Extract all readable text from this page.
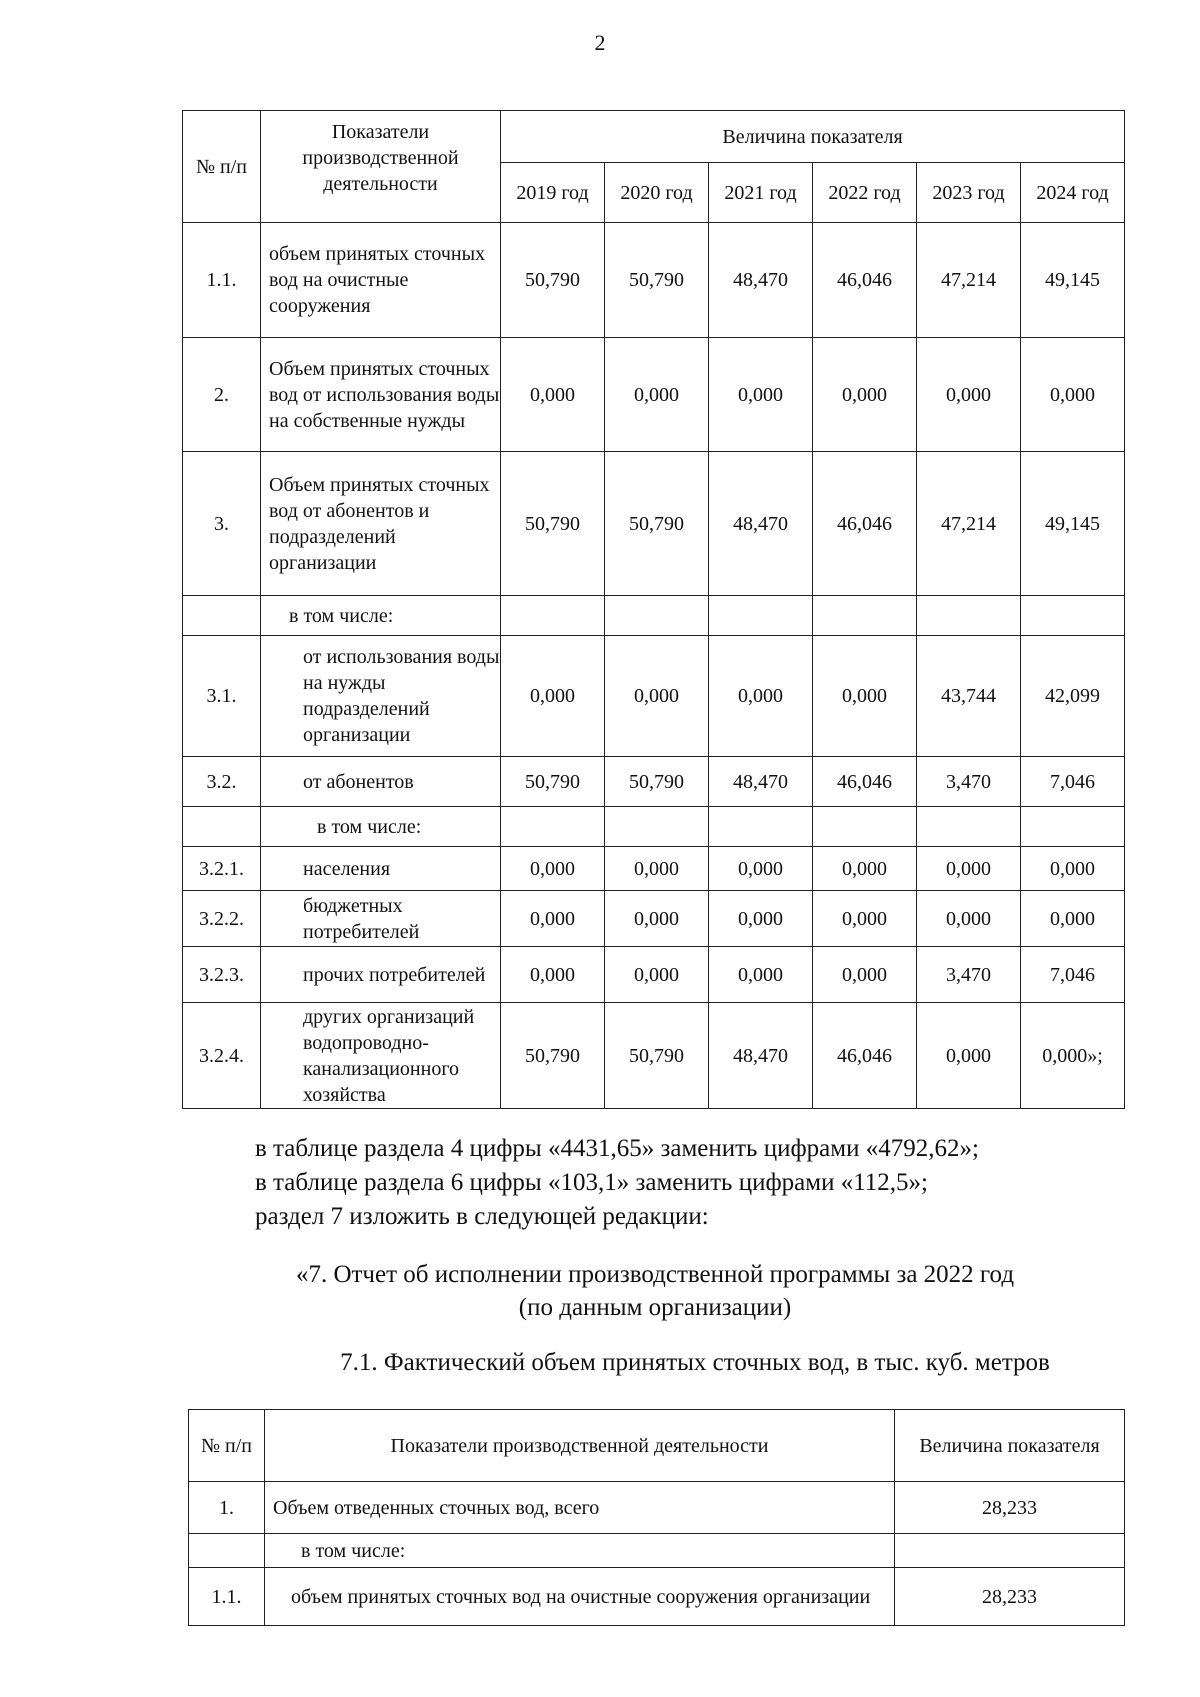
2
№ п/п	Показатели производственной деятельности	Величина показателя					
		2019 год	2020 год	2021 год	2022 год	2023 год	2024 год
1.1.	объем принятых сточных вод на очистные сооружения	50,790	50,790	48,470	46,046	47,214	49,145
2.	Объем принятых сточных вод от использования воды на собственные нужды	0,000	0,000	0,000	0,000	0,000	0,000
3.	Объем принятых сточных вод от абонентов и подразделений организации	50,790	50,790	48,470	46,046	47,214	49,145
	в том числе:						
3.1.	от использования воды на нужды подразделений организации	0,000	0,000	0,000	0,000	43,744	42,099
3.2.	от абонентов	50,790	50,790	48,470	46,046	3,470	7,046
	в том числе:						
3.2.1.	населения	0,000	0,000	0,000	0,000	0,000	0,000
3.2.2.	бюджетных потребителей	0,000	0,000	0,000	0,000	0,000	0,000
3.2.3.	прочих потребителей	0,000	0,000	0,000	0,000	3,470	7,046
3.2.4.	других организаций водопроводно-канализационного хозяйства	50,790	50,790	48,470	46,046	0,000	0,000»;
в таблице раздела 4 цифры «4431,65» заменить цифрами «4792,62»;
в таблице раздела 6 цифры «103,1» заменить цифрами «112,5»;
раздел 7 изложить в следующей редакции:
«7. Отчет об исполнении производственной программы за 2022 год
(по данным организации)
7.1. Фактический объем принятых сточных вод, в тыс. куб. метров
№ п/п	Показатели производственной деятельности	Величина показателя
1.	Объем отведенных сточных вод, всего	28,233
	в том числе:	
1.1.	объем принятых сточных вод на очистные сооружения организации	28,233
